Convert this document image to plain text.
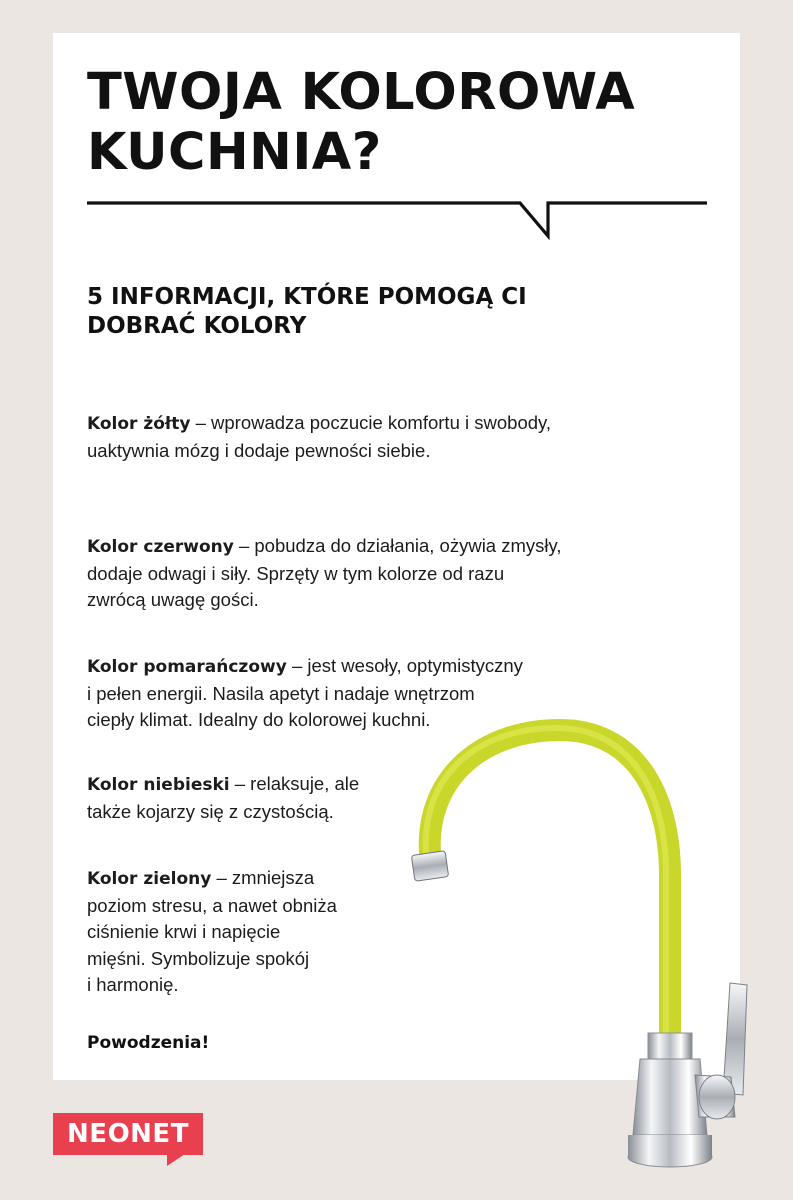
TWOJA KOLOROWA
KUCHNIA?
5 INFORMACJI, KTÓRE POMOGĄ CI
DOBRAĆ KOLORY
Kolor żółty – wprowadza poczucie komfortu i swobody,
uaktywnia mózg i dodaje pewności siebie.
Kolor czerwony – pobudza do działania, ożywia zmysły,
dodaje odwagi i siły. Sprzęty w tym kolorze od razu
zwrócą uwagę gości.
Kolor pomarańczowy – jest wesoły, optymistyczny
i pełen energii. Nasila apetyt i nadaje wnętrzom
ciepły klimat. Idealny do kolorowej kuchni.
Kolor niebieski – relaksuje, ale
także kojarzy się z czystością.
Kolor zielony – zmniejsza
poziom stresu, a nawet obniża
ciśnienie krwi i napięcie
mięśni. Symbolizuje spokój
i harmonię.
Powodzenia!
NEONET
